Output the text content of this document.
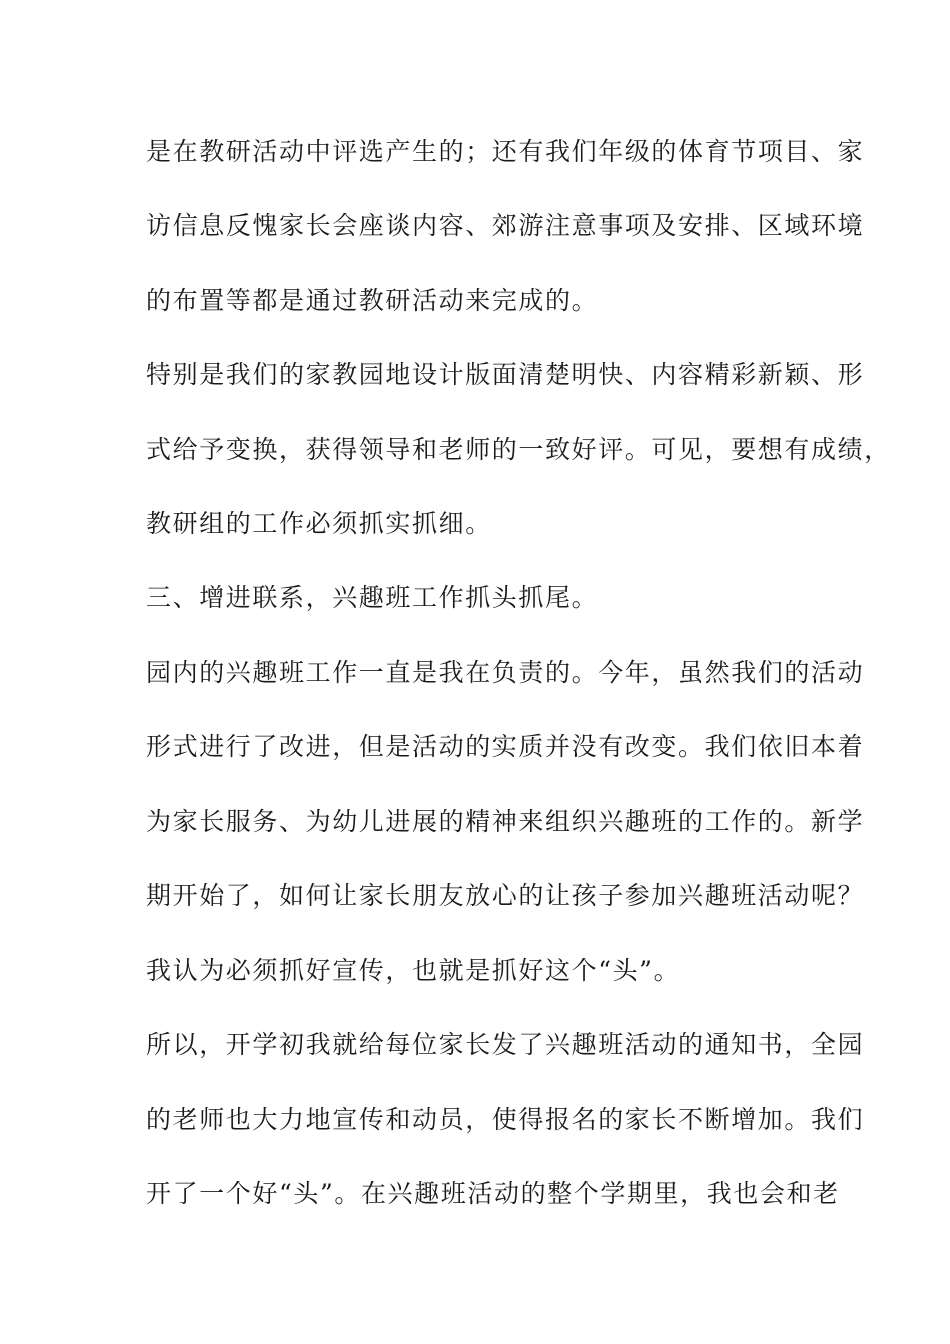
是在教研活动中评选产生的；还有我们年级的体育节项目、家
访信息反愧家长会座谈内容、郊游注意事项及安排、区域环境
的布置等都是通过教研活动来完成的。
特别是我们的家教园地设计版面清楚明快、内容精彩新颖、形
式给予变换，获得领导和老师的一致好评。可见，要想有成绩，
教研组的工作必须抓实抓细。
三、增进联系，兴趣班工作抓头抓尾。
园内的兴趣班工作一直是我在负责的。今年，虽然我们的活动
形式进行了改进，但是活动的实质并没有改变。我们依旧本着
为家长服务、为幼儿进展的精神来组织兴趣班的工作的。新学
期开始了，如何让家长朋友放心的让孩子参加兴趣班活动呢？
我认为必须抓好宣传，也就是抓好这个“头”。
所以，开学初我就给每位家长发了兴趣班活动的通知书，全园
的老师也大力地宣传和动员，使得报名的家长不断增加。我们
开了一个好“头”。在兴趣班活动的整个学期里，我也会和老
